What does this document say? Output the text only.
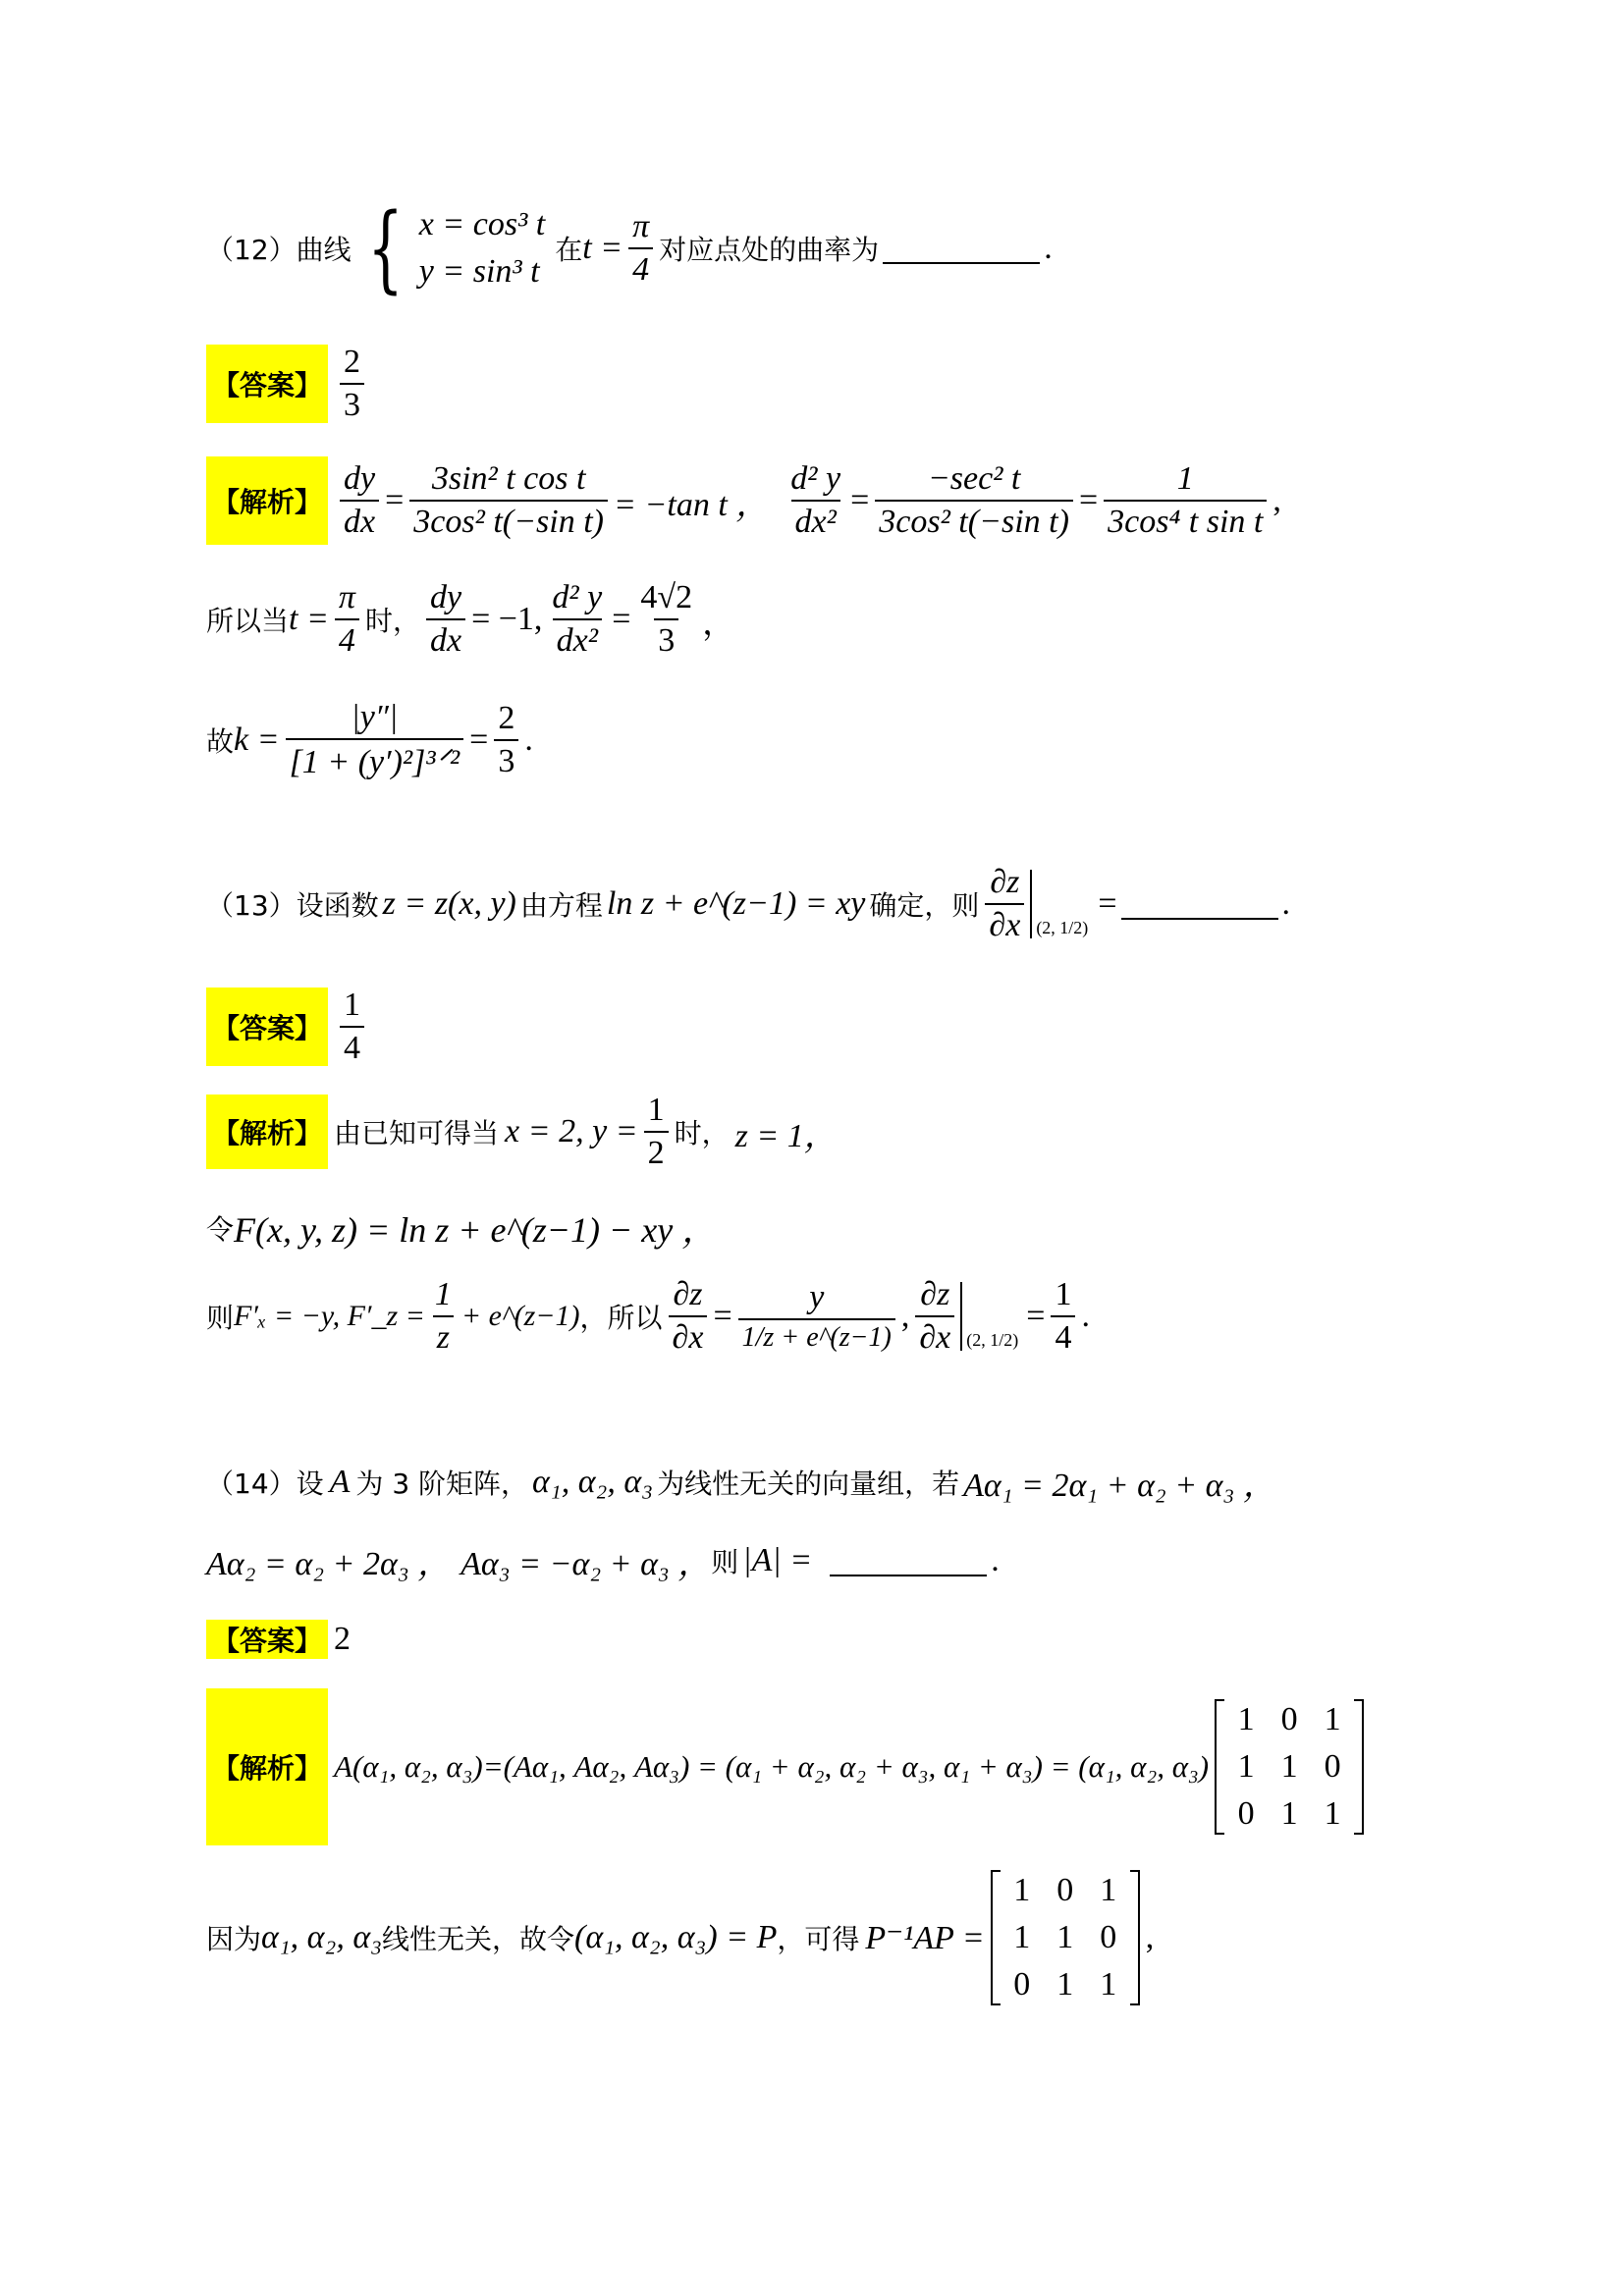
（12）曲线 { x = cos³ t
y = sin³ t
在 $t = \frac{\pi}{4}$ 对应点处的曲率为	.
【答案】 $\frac{2}{3}$
【解析】 $\frac{dy}{dx} = \frac{\text{3sin² t cos t}}{\text{3cos² t(−sin t)}} = -\tan$ t ， $\frac{\text{d² y}}{\text{dx²}} = \frac{\text{−sec² t}}{\text{3cos² t(−sin t)}} = \frac{1}{\text{3cos⁴ t sin t}}$ ,
所以当 $t = \frac{\pi}{4}$ 时， $\frac{dy}{dx} = -1$, $\frac{\text{d² y}}{\text{dx²}} = \frac{4√2}{3}$ ，
故 $k = \frac{|y''|}{\text{[1 + (y′)²]³ᐟ²}} = \frac{2}{3}$ .
（13）设函数 z = z(x, y) 由方程 ln z + e^(z−1) = xy 确定，则 $\frac{\partial z}{\partial x} (2$, 1/2)
=	.
【答案】 $\frac{1}{4}$
【解析】 由已知可得当 x = 2, $y = \frac{1}{2}$ 时， z = 1，
令 F(x, y, z) = ln z + e^(z−1) − xy ，
则 F′ₓ = −y, F′_z = $\frac{1}{z}$ + e^(z−1) ，所以 $\frac{\partial z}{\partial x} = \frac{y}{1/z + e\^{}(z-1)}$ , $\frac{\partial z}{\partial x} (2$, 1/2)
= $\frac{1}{4}$ .
（14）设 A 为 3 阶矩阵， α₁, α₂, α₃ 为线性无关的向量组，若 Aα₁ = 2α₁ + α₂ + α₃ ，
Aα₂ = α₂ + 2α₃ ， Aα₃ = −α₂ + α₃ ， 则 |A| =	.
【答案】 2
【解析】 A(α₁, α₂, α₃)=(Aα₁, Aα₂, Aα₃) = (α₁ + α₂, α₂ + α₃, α₁ + α₃) = (α₁, α₂, α₃)
1 0 1
1 1 0
0 1 1
因为 α₁, α₂, α₃ 线性无关，故令 (α₁, α₂, α₃) = P ，可得 P⁻¹AP =
1 0 1
1 1 0
0 1 1
,
